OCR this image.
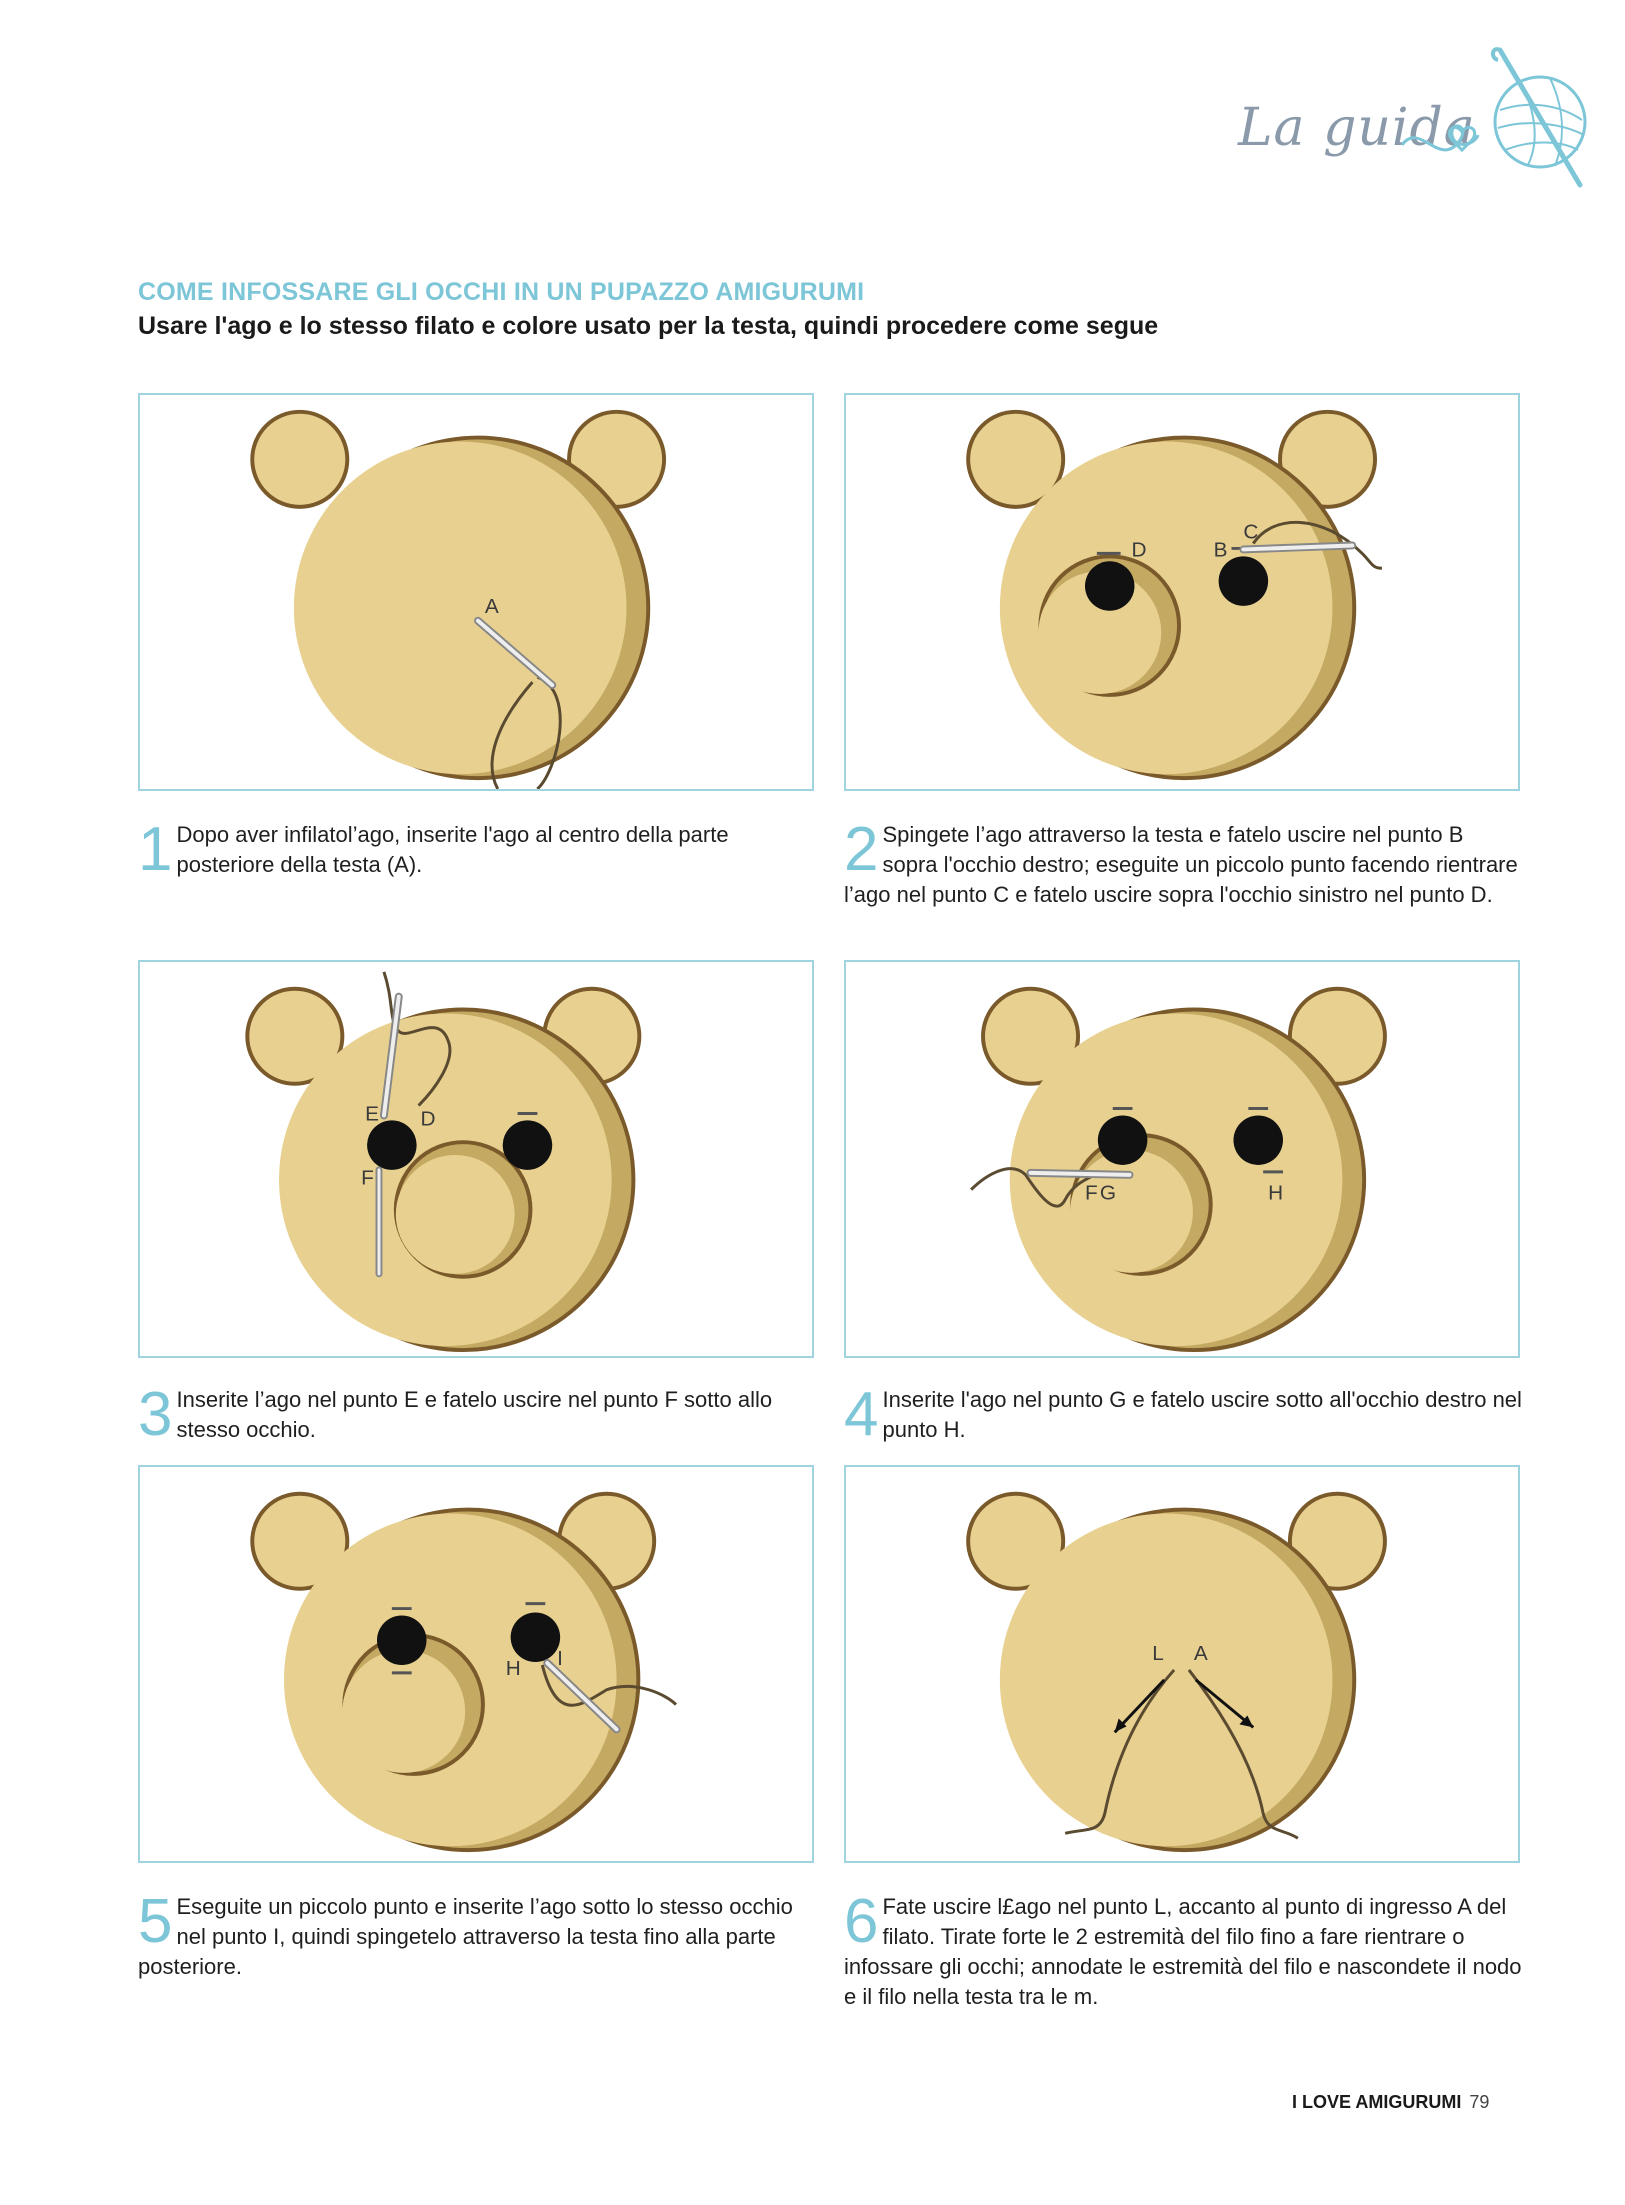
La guida
COME INFOSSARE GLI OCCHI IN UN PUPAZZO AMIGURUMI
Usare l'ago e lo stesso filato e colore usato per la testa, quindi procedere come segue
A
D	B
C
1 Dopo aver infilatol’ago, inserite l'ago al centro della parte posteriore della testa (A).	2 Spingete l’ago attraverso la testa e fatelo uscire nel punto B sopra l'occhio destro; eseguite un piccolo punto facendo rientrare l’ago nel punto C e fatelo uscire sopra l'occhio sinistro nel punto D.
E D
F
F G	H
3 Inserite l’ago nel punto E e fatelo uscire nel punto F sotto allo stesso occhio.	4 Inserite l'ago nel punto G e fatelo uscire sotto all'occhio destro nel punto H.
H I	L A
5 Eseguite un piccolo punto e inserite l’ago sotto lo stesso occhio nel punto I, quindi spingetelo attraverso la testa fino alla parte posteriore.
6 Fate uscire l£ago nel punto L, accanto al punto di ingresso A del filato. Tirate forte le 2 estremità del filo fino a fare rientrare o infossare gli occhi; annodate le estremità del filo e nascondete il nodo e il filo nella testa tra le m.
I LOVE AMIGURUMI 79
